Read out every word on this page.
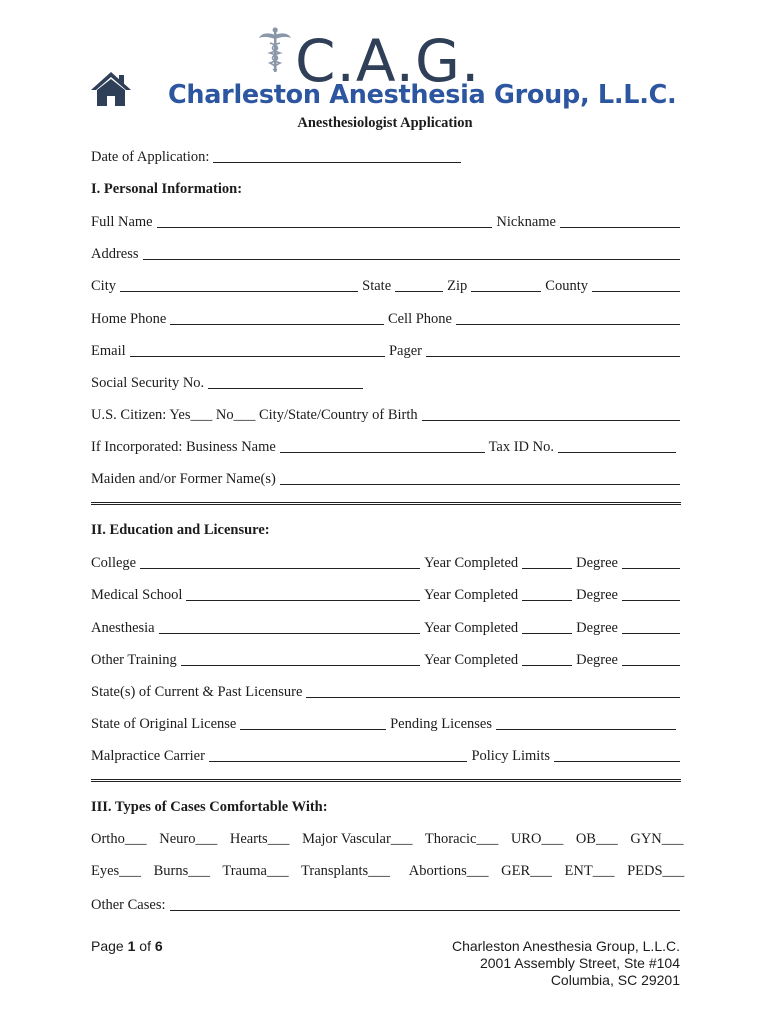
C.A.G.
Charleston Anesthesia Group, L.L.C.
Anesthesiologist Application
Date of Application:
I. Personal Information:
Full Name	Nickname
Address
City	State	Zip	County
Home Phone	Cell Phone
Email	Pager
Social Security No.
U.S. Citizen: Yes___ No___ City/State/Country of Birth
If Incorporated: Business Name	Tax ID No.
Maiden and/or Former Name(s)
II. Education and Licensure:
College	Year Completed	Degree
Medical School	Year Completed	Degree
Anesthesia	Year Completed	Degree
Other Training	Year Completed	Degree
State(s) of Current & Past Licensure
State of Original License	Pending Licenses
Malpractice Carrier	Policy Limits
III. Types of Cases Comfortable With:
Ortho___ Neuro___ Hearts___ Major Vascular___ Thoracic___ URO___ OB___ GYN___
Eyes___ Burns___ Trauma___ Transplants___ Abortions___ GER___ ENT___ PEDS___
Other Cases:
Page 1 of 6	Charleston Anesthesia Group, L.L.C.
2001 Assembly Street, Ste #104
Columbia, SC 29201
